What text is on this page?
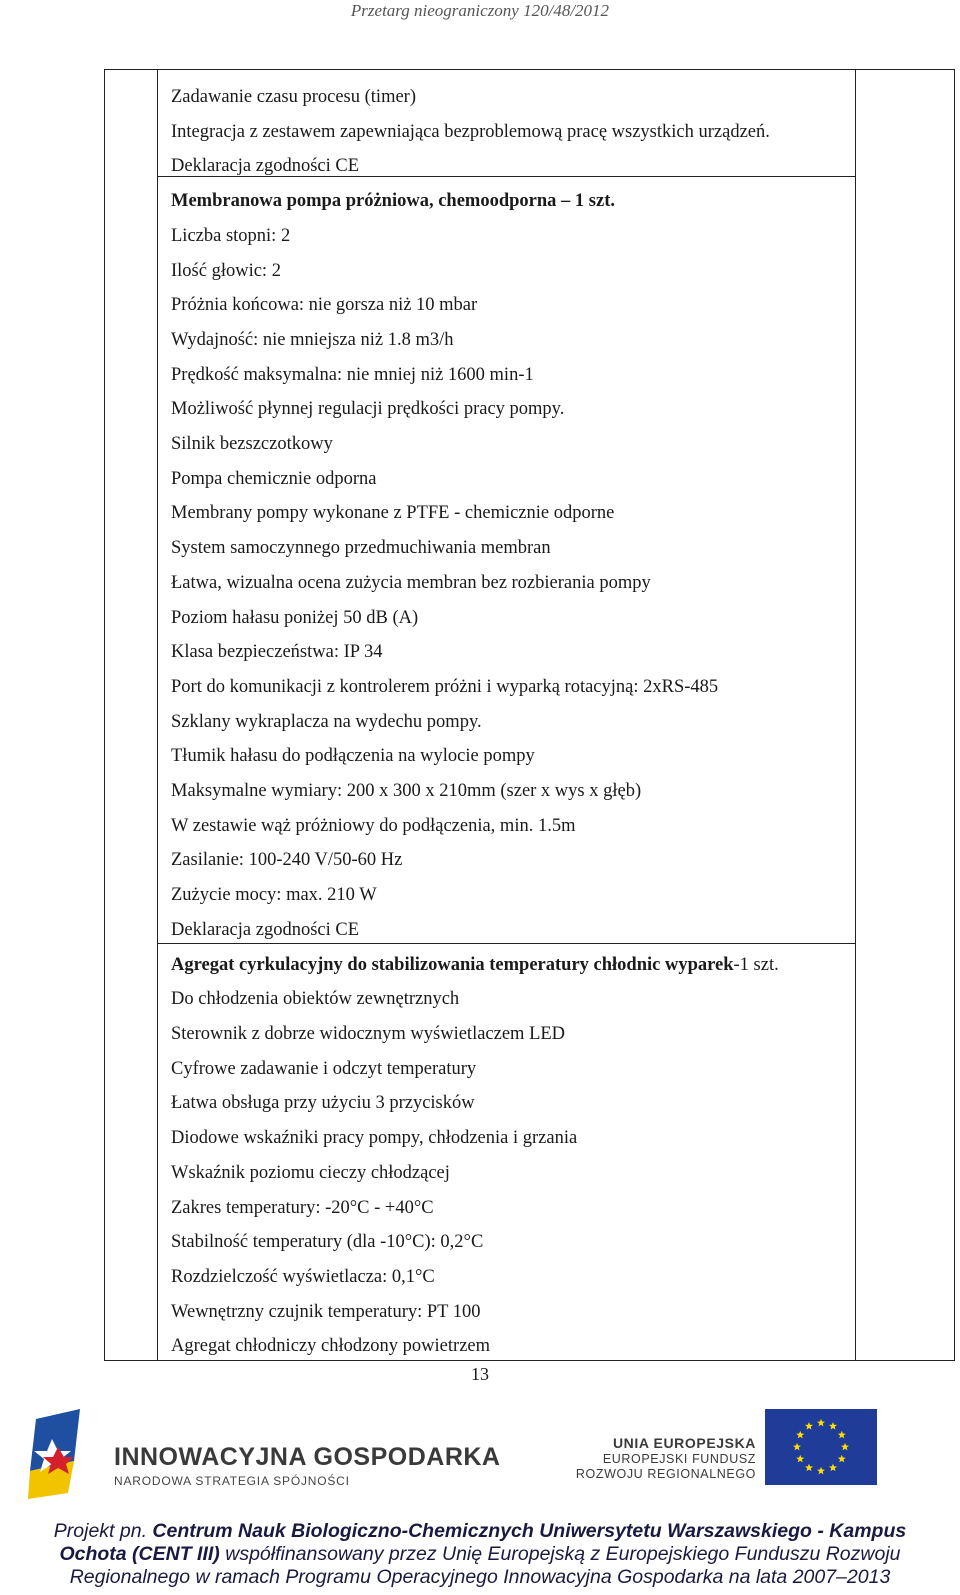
Przetarg nieograniczony 120/48/2012
Zadawanie czasu procesu (timer)
Integracja z zestawem zapewniająca bezproblemową pracę wszystkich urządzeń.
Deklaracja zgodności CE
Membranowa pompa próżniowa, chemoodporna – 1 szt.
Liczba stopni: 2
Ilość głowic: 2
Próżnia końcowa: nie gorsza niż 10 mbar
Wydajność: nie mniejsza niż 1.8 m3/h
Prędkość maksymalna: nie mniej niż 1600 min-1
Możliwość płynnej regulacji prędkości pracy pompy.
Silnik bezszczotkowy
Pompa chemicznie odporna
Membrany pompy wykonane z PTFE - chemicznie odporne
System samoczynnego przedmuchiwania membran
Łatwa, wizualna ocena zużycia membran bez rozbierania pompy
Poziom hałasu poniżej 50 dB (A)
Klasa bezpieczeństwa: IP 34
Port do komunikacji z kontrolerem próżni i wyparką rotacyjną: 2xRS-485
Szklany wykraplacza na wydechu pompy.
Tłumik hałasu do podłączenia na wylocie pompy
Maksymalne wymiary: 200 x 300 x 210mm (szer x wys x głęb)
W zestawie wąż próżniowy do podłączenia, min. 1.5m
Zasilanie: 100-240 V/50-60 Hz
Zużycie mocy: max. 210 W
Deklaracja zgodności CE
Agregat cyrkulacyjny do stabilizowania temperatury chłodnic wyparek-1 szt.
Do chłodzenia obiektów zewnętrznych
Sterownik z dobrze widocznym wyświetlaczem LED
Cyfrowe zadawanie i odczyt temperatury
Łatwa obsługa przy użyciu 3 przycisków
Diodowe wskaźniki pracy pompy, chłodzenia i grzania
Wskaźnik poziomu cieczy chłodzącej
Zakres temperatury: -20°C - +40°C
Stabilność temperatury (dla -10°C): 0,2°C
Rozdzielczość wyświetlacza: 0,1°C
Wewnętrzny czujnik temperatury: PT 100
Agregat chłodniczy chłodzony powietrzem
13
INNOWACYJNA GOSPODARKA
NARODOWA STRATEGIA SPÓJNOŚCI
UNIA EUROPEJSKA
EUROPEJSKI FUNDUSZ
ROZWOJU REGIONALNEGO
Projekt pn. Centrum Nauk Biologiczno-Chemicznych Uniwersytetu Warszawskiego - Kampus
Ochota (CENT III) współfinansowany przez Unię Europejską z Europejskiego Funduszu Rozwoju
Regionalnego w ramach Programu Operacyjnego Innowacyjna Gospodarka na lata 2007–2013
